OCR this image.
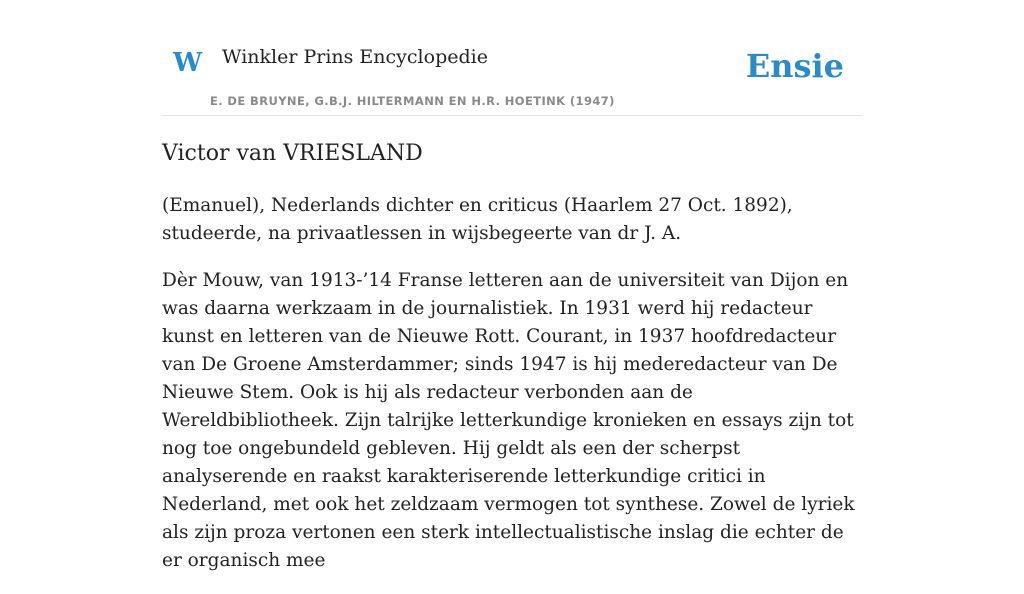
W Winkler Prins Encyclopedie
E. DE BRUYNE, G.B.J. HILTERMANN EN H.R. HOETINK (1947)
Ensie
Victor van VRIESLAND

(Emanuel), Nederlands dichter en criticus (Haarlem 27 Oct. 1892), studeerde, na privaatlessen in wijsbegeerte van dr J. A.

Dèr Mouw, van 1913-’14 Franse letteren aan de universiteit van Dijon en was daarna werkzaam in de journalistiek. In 1931 werd hij redacteur kunst en letteren van de Nieuwe Rott. Courant, in 1937 hoofdredacteur van De Groene Amsterdammer; sinds 1947 is hij mederedacteur van De Nieuwe Stem. Ook is hij als redacteur verbonden aan de Wereldbibliotheek. Zijn talrijke letterkundige kronieken en essays zijn tot nog toe ongebundeld gebleven. Hij geldt als een der scherpst analyserende en raakst karakteriserende letterkundige critici in Nederland, met ook het zeldzaam vermogen tot synthese. Zowel de lyriek als zijn proza vertonen een sterk intellectualistische inslag die echter de er organisch mee
